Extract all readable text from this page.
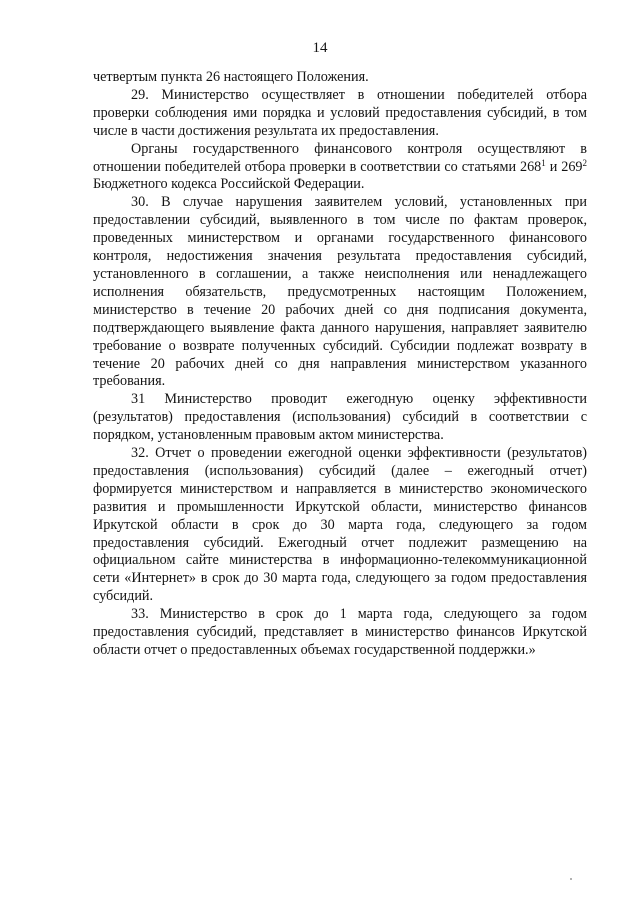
14

четвертым пункта 26 настоящего Положения.

29. Министерство осуществляет в отношении победителей отбора проверки соблюдения ими порядка и условий предоставления субсидий, в том числе в части достижения результата их предоставления.

Органы государственного финансового контроля осуществляют в отношении победителей отбора проверки в соответствии со статьями $268^1$ и $269^2$ Бюджетного кодекса Российской Федерации.

30. В случае нарушения заявителем условий, установленных при предоставлении субсидий, выявленного в том числе по фактам проверок, проведенных министерством и органами государственного финансового контроля, недостижения значения результата предоставления субсидий, установленного в соглашении, а также неисполнения или ненадлежащего исполнения обязательств, предусмотренных настоящим Положением, министерство в течение 20 рабочих дней со дня подписания документа, подтверждающего выявление факта данного нарушения, направляет заявителю требование о возврате полученных субсидий. Субсидии подлежат возврату в течение 20 рабочих дней со дня направления министерством указанного требования.

31 Министерство проводит ежегодную оценку эффективности (результатов) предоставления (использования) субсидий в соответствии с порядком, установленным правовым актом министерства.

32. Отчет о проведении ежегодной оценки эффективности (результатов) предоставления (использования) субсидий (далее – ежегодный отчет) формируется министерством и направляется в министерство экономического развития и промышленности Иркутской области, министерство финансов Иркутской области в срок до 30 марта года, следующего за годом предоставления субсидий. Ежегодный отчет подлежит размещению на официальном сайте министерства в информационно-телекоммуникационной сети «Интернет» в срок до 30 марта года, следующего за годом предоставления субсидий.

33. Министерство в срок до 1 марта года, следующего за годом предоставления субсидий, представляет в министерство финансов Иркутской области отчет о предоставленных объемах государственной поддержки.»
